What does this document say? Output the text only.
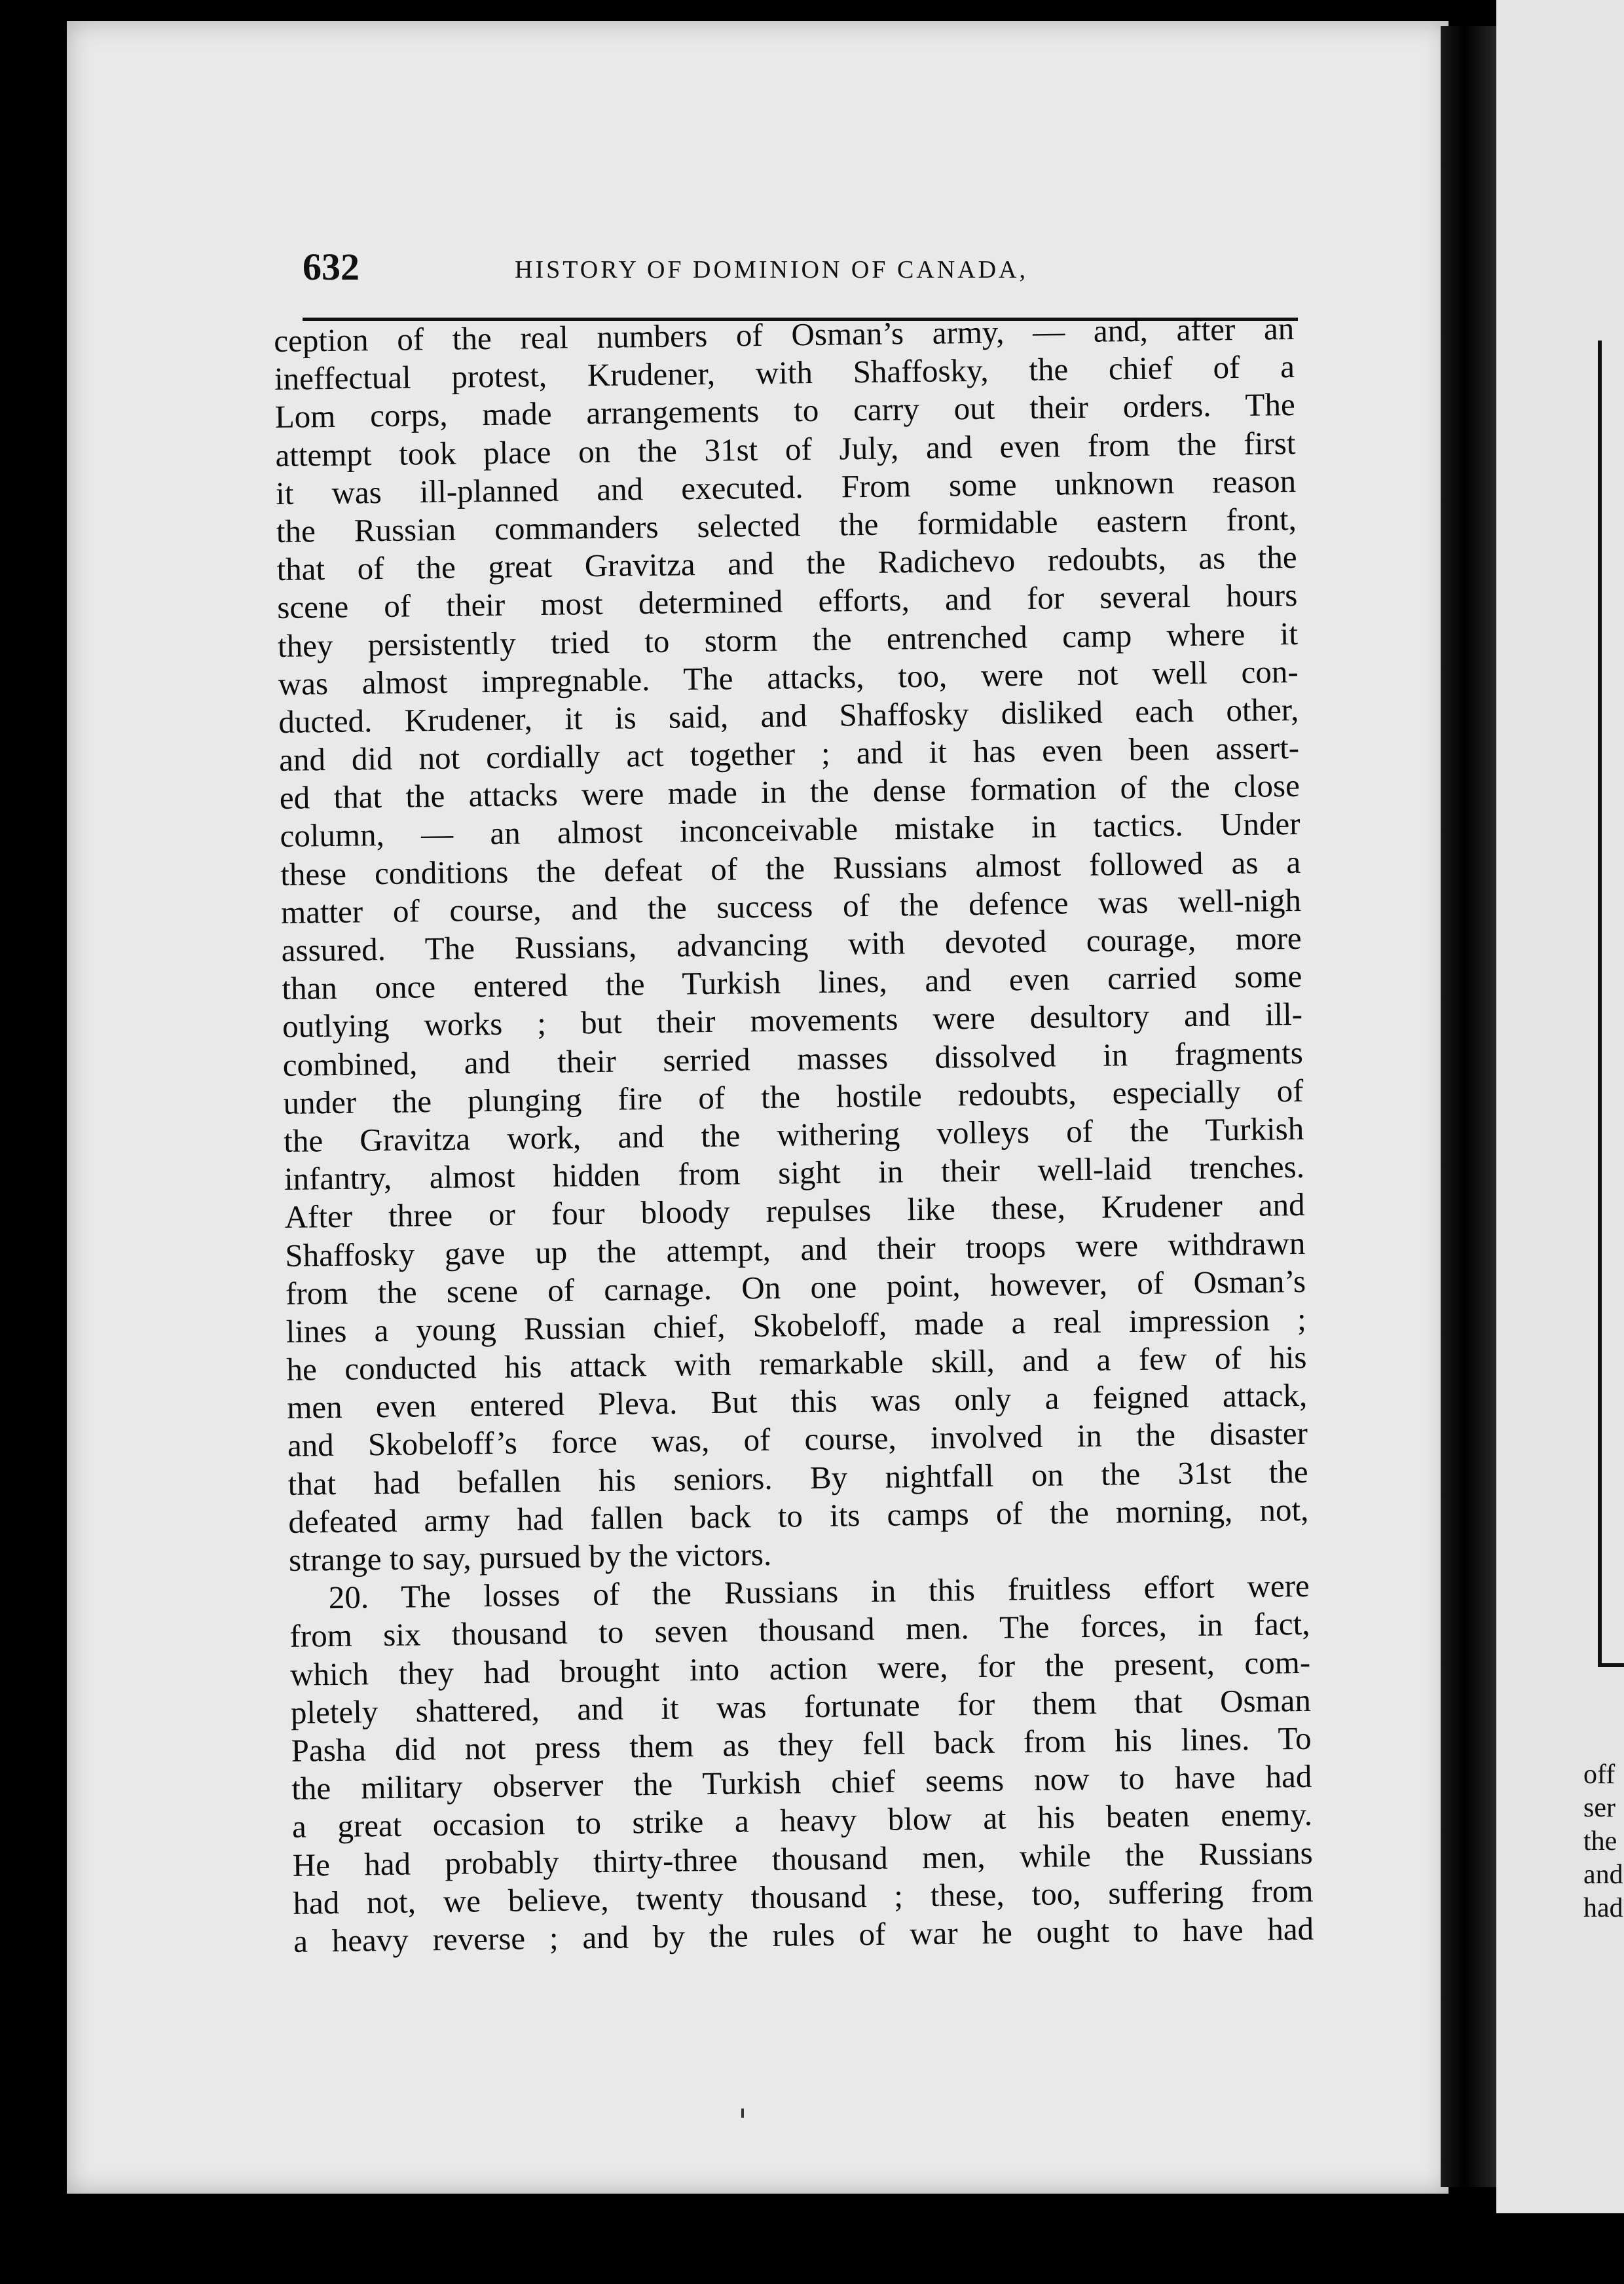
off
ser
the
and
had
632	HISTORY OF DOMINION OF CANADA,
ception of the real numbers of Osman’s army, — and, after an
ineffectual protest, Krudener, with Shaffosky, the chief of a
Lom corps, made arrangements to carry out their orders. The
attempt took place on the 31st of July, and even from the first
it was ill-planned and executed. From some unknown reason
the Russian commanders selected the formidable eastern front,
that of the great Gravitza and the Radichevo redoubts, as the
scene of their most determined efforts, and for several hours
they persistently tried to storm the entrenched camp where it
was almost impregnable. The attacks, too, were not well con-
ducted. Krudener, it is said, and Shaffosky disliked each other,
and did not cordially act together ; and it has even been assert-
ed that the attacks were made in the dense formation of the close
column, — an almost inconceivable mistake in tactics. Under
these conditions the defeat of the Russians almost followed as a
matter of course, and the success of the defence was well-nigh
assured. The Russians, advancing with devoted courage, more
than once entered the Turkish lines, and even carried some
outlying works ; but their movements were desultory and ill-
combined, and their serried masses dissolved in fragments
under the plunging fire of the hostile redoubts, especially of
the Gravitza work, and the withering volleys of the Turkish
infantry, almost hidden from sight in their well-laid trenches.
After three or four bloody repulses like these, Krudener and
Shaffosky gave up the attempt, and their troops were withdrawn
from the scene of carnage. On one point, however, of Osman’s
lines a young Russian chief, Skobeloff, made a real impression ;
he conducted his attack with remarkable skill, and a few of his
men even entered Pleva. But this was only a feigned attack,
and Skobeloff’s force was, of course, involved in the disaster
that had befallen his seniors. By nightfall on the 31st the
defeated army had fallen back to its camps of the morning, not,
strange to say, pursued by the victors.
20. The losses of the Russians in this fruitless effort were
from six thousand to seven thousand men. The forces, in fact,
which they had brought into action were, for the present, com-
pletely shattered, and it was fortunate for them that Osman
Pasha did not press them as they fell back from his lines. To
the military observer the Turkish chief seems now to have had
a great occasion to strike a heavy blow at his beaten enemy.
He had probably thirty-three thousand men, while the Russians
had not, we believe, twenty thousand ; these, too, suffering from
a heavy reverse ; and by the rules of war he ought to have had
